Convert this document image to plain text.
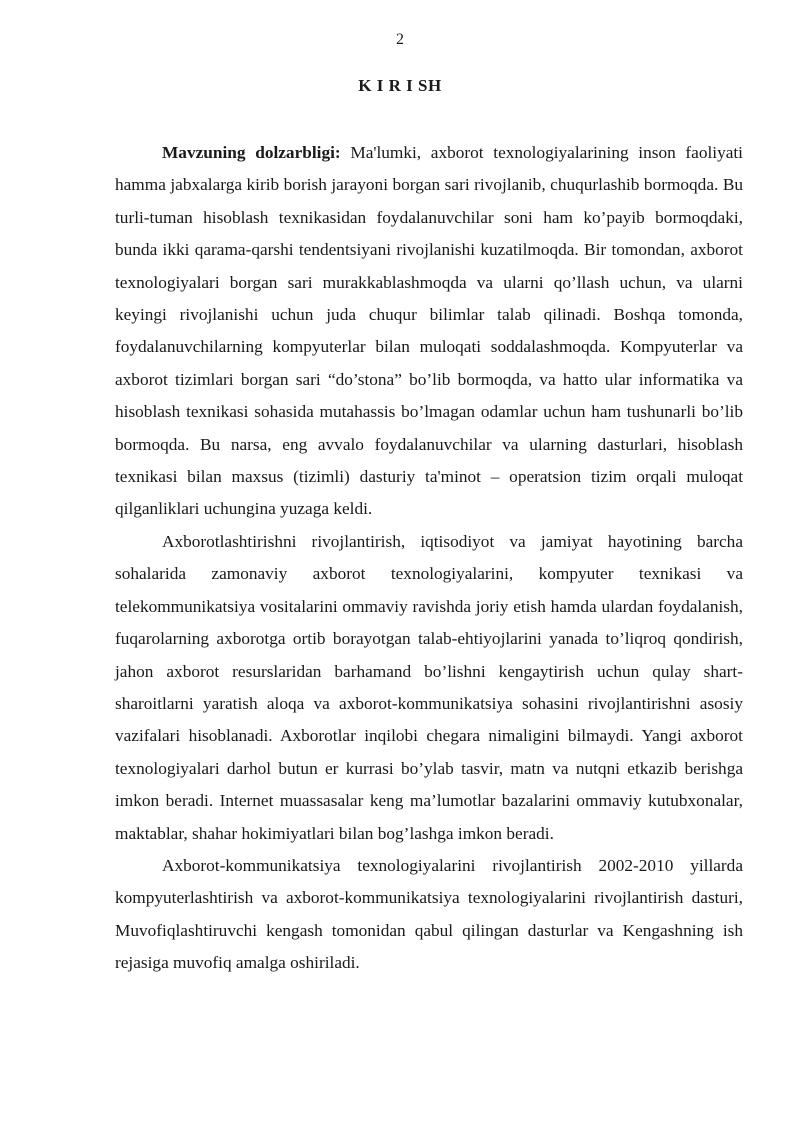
2
K I R I SH

Mavzuning dolzarbligi: Ma'lumki, axborot texnologiyalarining inson faoliyati hamma jabxalarga kirib borish jarayoni borgan sari rivojlanib, chuqurlashib bormoqda. Bu turli-tuman hisoblash texnikasidan foydalanuvchilar soni ham ko’payib bormoqdaki, bunda ikki qarama-qarshi tendentsiyani rivojlanishi kuzatilmoqda. Bir tomondan, axborot texnologiyalari borgan sari murakkablashmoqda va ularni qo’llash uchun, va ularni keyingi rivojlanishi uchun juda chuqur bilimlar talab qilinadi. Boshqa tomonda, foydalanuvchilarning kompyuterlar bilan muloqati soddalashmoqda. Kompyuterlar va axborot tizimlari borgan sari “do’stona” bo’lib bormoqda, va hatto ular informatika va hisoblash texnikasi sohasida mutahassis bo’lmagan odamlar uchun ham tushunarli bo’lib bormoqda. Bu narsa, eng avvalo foydalanuvchilar va ularning dasturlari, hisoblash texnikasi bilan maxsus (tizimli) dasturiy ta'minot – operatsion tizim orqali muloqat qilganliklari uchungina yuzaga keldi.

Axborotlashtirishni rivojlantirish, iqtisodiyot va jamiyat hayotining barcha sohalarida zamonaviy axborot texnologiyalarini, kompyuter texnikasi va telekommunikatsiya vositalarini ommaviy ravishda joriy etish hamda ulardan foydalanish, fuqarolarning axborotga ortib borayotgan talab-ehtiyojlarini yanada to’liqroq qondirish, jahon axborot resurslaridan barhamand bo’lishni kengaytirish uchun qulay shart-sharoitlarni yaratish aloqa va axborot-kommunikatsiya sohasini rivojlantirishni asosiy vazifalari hisoblanadi. Axborotlar inqilobi chegara nimaligini bilmaydi. Yangi axborot texnologiyalari darhol butun er kurrasi bo’ylab tasvir, matn va nutqni etkazib berishga imkon beradi. Internet muassasalar keng ma’lumotlar bazalarini ommaviy kutubxonalar, maktablar, shahar hokimiyatlari bilan bog’lashga imkon beradi.

Axborot-kommunikatsiya texnologiyalarini rivojlantirish 2002-2010 yillarda kompyuterlashtirish va axborot-kommunikatsiya texnologiyalarini rivojlantirish dasturi, Muvofiqlashtiruvchi kengash tomonidan qabul qilingan dasturlar va Kengashning ish rejasiga muvofiq amalga oshiriladi.
